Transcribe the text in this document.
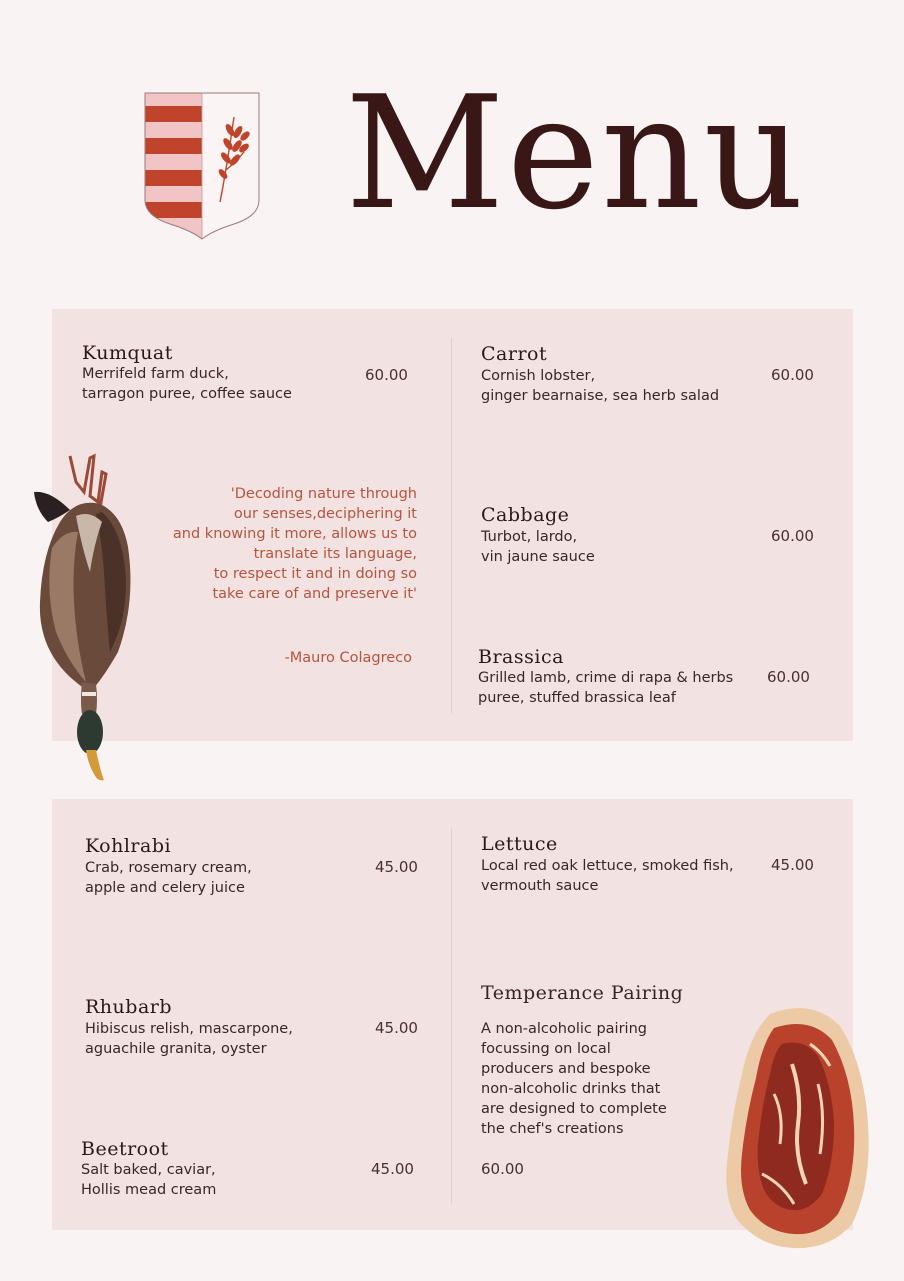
Menu
Kumquat
Merrifeld farm duck,
tarragon puree, coffee sauce
60.00
'Decoding nature through
our senses,deciphering it
and knowing it more, allows us to
translate its language,
to respect it and in doing so
take care of and preserve it'
-Mauro Colagreco
Carrot
Cornish lobster,
ginger bearnaise, sea herb salad
60.00
Cabbage
Turbot, lardo,
vin jaune sauce
60.00
Brassica
Grilled lamb, crime di rapa & herbs
puree, stuffed brassica leaf
60.00
Kohlrabi
Crab, rosemary cream,
apple and celery juice
45.00
Rhubarb
Hibiscus relish, mascarpone,
aguachile granita, oyster
45.00
Beetroot
Salt baked, caviar,
Hollis mead cream
45.00
Lettuce
Local red oak lettuce, smoked fish,
vermouth sauce
45.00
Temperance Pairing
A non-alcoholic pairing
focussing on local
producers and bespoke
non-alcoholic drinks that
are designed to complete
the chef's creations
60.00
